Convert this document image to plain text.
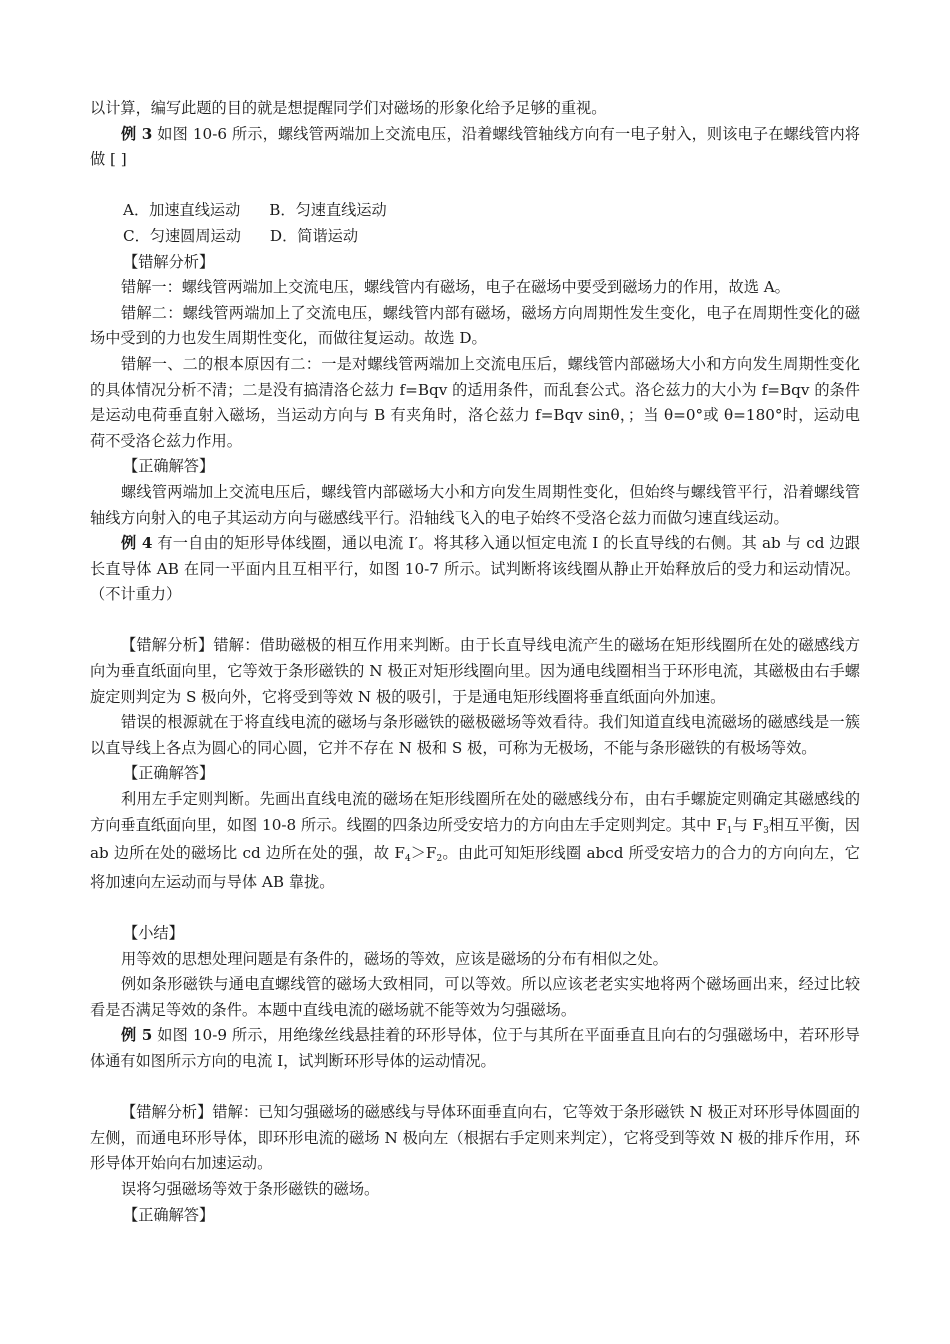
以计算，编写此题的目的就是想提醒同学们对磁场的形象化给予足够的重视。

例 3 如图 10-6 所示，螺线管两端加上交流电压，沿着螺线管轴线方向有一电子射入，则该电子在螺线管内将做 [ ]

A．加速直线运动 B．匀速直线运动

C．匀速圆周运动 D．简谐运动

【错解分析】

错解一：螺线管两端加上交流电压，螺线管内有磁场，电子在磁场中要受到磁场力的作用，故选 A。

错解二：螺线管两端加上了交流电压，螺线管内部有磁场，磁场方向周期性发生变化，电子在周期性变化的磁场中受到的力也发生周期性变化，而做往复运动。故选 D。

错解一、二的根本原因有二：一是对螺线管两端加上交流电压后，螺线管内部磁场大小和方向发生周期性变化的具体情况分析不清；二是没有搞清洛仑兹力 f=Bqv 的适用条件，而乱套公式。洛仑兹力的大小为 f=Bqv 的条件是运动电荷垂直射入磁场，当运动方向与 B 有夹角时，洛仑兹力 f=Bqv sinθ，；当 θ=0°或 θ=180°时，运动电荷不受洛仑兹力作用。

【正确解答】

螺线管两端加上交流电压后，螺线管内部磁场大小和方向发生周期性变化，但始终与螺线管平行，沿着螺线管轴线方向射入的电子其运动方向与磁感线平行。沿轴线飞入的电子始终不受洛仑兹力而做匀速直线运动。

例 4 有一自由的矩形导体线圈，通以电流 I′。将其移入通以恒定电流 I 的长直导线的右侧。其 ab 与 cd 边跟长直导体 AB 在同一平面内且互相平行，如图 10-7 所示。试判断将该线圈从静止开始释放后的受力和运动情况。（不计重力）

【错解分析】错解：借助磁极的相互作用来判断。由于长直导线电流产生的磁场在矩形线圈所在处的磁感线方向为垂直纸面向里，它等效于条形磁铁的 N 极正对矩形线圈向里。因为通电线圈相当于环形电流，其磁极由右手螺旋定则判定为 S 极向外，它将受到等效 N 极的吸引，于是通电矩形线圈将垂直纸面向外加速。

错误的根源就在于将直线电流的磁场与条形磁铁的磁极磁场等效看待。我们知道直线电流磁场的磁感线是一簇以直导线上各点为圆心的同心圆，它并不存在 N 极和 S 极，可称为无极场，不能与条形磁铁的有极场等效。

【正确解答】

利用左手定则判断。先画出直线电流的磁场在矩形线圈所在处的磁感线分布，由右手螺旋定则确定其磁感线的方向垂直纸面向里，如图 10-8 所示。线圈的四条边所受安培力的方向由左手定则判定。其中 $F_1$与 $F_3$相互平衡，因 ab 边所在处的磁场比 cd 边所在处的强，故 $F_4>F_2$。由此可知矩形线圈 abcd 所受安培力的合力的方向向左，它将加速向左运动而与导体 AB 靠拢。

【小结】

用等效的思想处理问题是有条件的，磁场的等效，应该是磁场的分布有相似之处。

例如条形磁铁与通电直螺线管的磁场大致相同，可以等效。所以应该老老实实地将两个磁场画出来，经过比较看是否满足等效的条件。本题中直线电流的磁场就不能等效为匀强磁场。

例 5 如图 10-9 所示，用绝缘丝线悬挂着的环形导体，位于与其所在平面垂直且向右的匀强磁场中，若环形导体通有如图所示方向的电流 I，试判断环形导体的运动情况。

【错解分析】错解：已知匀强磁场的磁感线与导体环面垂直向右，它等效于条形磁铁 N 极正对环形导体圆面的左侧，而通电环形导体，即环形电流的磁场 N 极向左（根据右手定则来判定），它将受到等效 N 极的排斥作用，环形导体开始向右加速运动。

误将匀强磁场等效于条形磁铁的磁场。

【正确解答】
